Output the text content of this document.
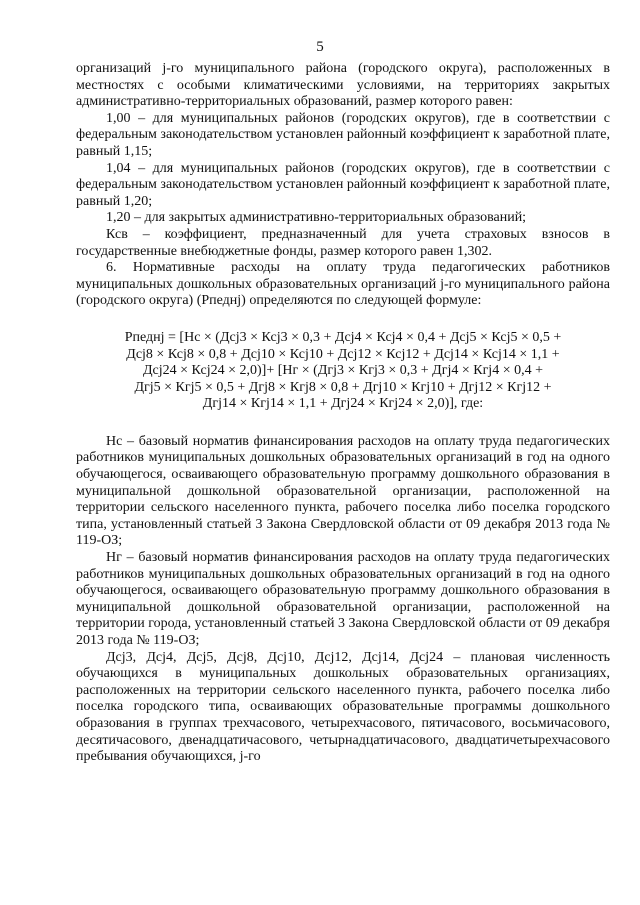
5

организаций j-го муниципального района (городского округа), расположенных в местностях с особыми климатическими условиями, на территориях закрытых административно-территориальных образований, размер которого равен:

1,00 – для муниципальных районов (городских округов), где в соответствии с федеральным законодательством установлен районный коэффициент к заработной плате, равный 1,15;

1,04 – для муниципальных районов (городских округов), где в соответствии с федеральным законодательством установлен районный коэффициент к заработной плате, равный 1,20;

1,20 – для закрытых административно-территориальных образований;

Ксв – коэффициент, предназначенный для учета страховых взносов в государственные внебюджетные фонды, размер которого равен 1,302.

6. Нормативные расходы на оплату труда педагогических работников муниципальных дошкольных образовательных организаций j-го муниципального района (городского округа) (Рпеднj) определяются по следующей формуле:

Рпеднj = [Нс × (Дсj3 × Ксj3 × 0,3 + Дсj4 × Ксj4 × 0,4 + Дсj5 × Ксj5 × 0,5 +
Дсj8 × Ксj8 × 0,8 + Дсj10 × Ксj10 + Дсj12 × Ксj12 + Дсj14 × Ксj14 × 1,1 +
Дсj24 × Ксj24 × 2,0)]+ [Нг × (Дгj3 × Кгj3 × 0,3 + Дгj4 × Кгj4 × 0,4 +
Дгj5 × Кгj5 × 0,5 + Дгj8 × Кгj8 × 0,8 + Дгj10 × Кгj10 + Дгj12 × Кгj12 +
Дгj14 × Кгj14 × 1,1 + Дгj24 × Кгj24 × 2,0)], где:

Нс – базовый норматив финансирования расходов на оплату труда педагогических работников муниципальных дошкольных образовательных организаций в год на одного обучающегося, осваивающего образовательную программу дошкольного образования в муниципальной дошкольной образовательной организации, расположенной на территории сельского населенного пункта, рабочего поселка либо поселка городского типа, установленный статьей 3 Закона Свердловской области от 09 декабря 2013 года № 119-ОЗ;

Нг – базовый норматив финансирования расходов на оплату труда педагогических работников муниципальных дошкольных образовательных организаций в год на одного обучающегося, осваивающего образовательную программу дошкольного образования в муниципальной дошкольной образовательной организации, расположенной на территории города, установленный статьей 3 Закона Свердловской области от 09 декабря 2013 года № 119-ОЗ;

Дсj3, Дсj4, Дсj5, Дсj8, Дсj10, Дсj12, Дсj14, Дсj24 – плановая численность обучающихся в муниципальных дошкольных образовательных организациях, расположенных на территории сельского населенного пункта, рабочего поселка либо поселка городского типа, осваивающих образовательные программы дошкольного образования в группах трехчасового, четырехчасового, пятичасового, восьмичасового, десятичасового, двенадцатичасового, четырнадцатичасового, двадцатичетырехчасового пребывания обучающихся, j-го
